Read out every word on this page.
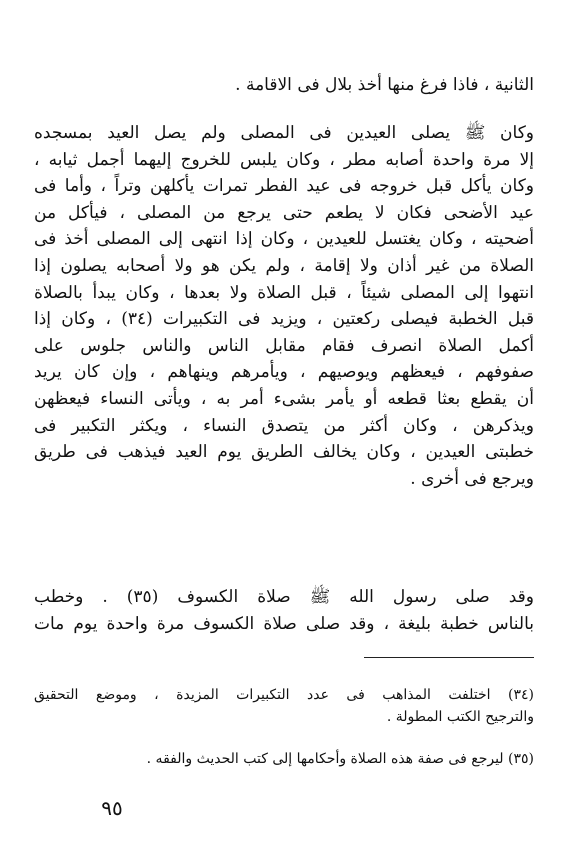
الثانية ، فاذا فرغ منها أخذ بلال فى الاقامة .
وكان ﷺ يصلى العيدين فى المصلى ولم يصل العيد بمسجده
إلا مرة واحدة أصابه مطر ، وكان يلبس للخروج إليهما أجمل ثيابه ،
وكان يأكل قبل خروجه فى عيد الفطر تمرات يأكلهن وتراً ، وأما فى
عيد الأضحى فكان لا يطعم حتى يرجع من المصلى ، فيأكل من
أضحيته ، وكان يغتسل للعيدين ، وكان إذا انتهى إلى المصلى أخذ فى
الصلاة من غير أذان ولا إقامة ، ولم يكن هو ولا أصحابه يصلون إذا
انتهوا إلى المصلى شيئاً ، قبل الصلاة ولا بعدها ، وكان يبدأ بالصلاة
قبل الخطبة فيصلى ركعتين ، ويزيد فى التكبيرات (٣٤) ، وكان إذا
أكمل الصلاة انصرف فقام مقابل الناس والناس جلوس على
صفوفهم ، فيعظهم ويوصيهم ، ويأمرهم وينهاهم ، وإن كان يريد
أن يقطع بعثا قطعه أو يأمر بشىء أمر به ، ويأتى النساء فيعظهن
ويذكرهن ، وكان أكثر من يتصدق النساء ، ويكثر التكبير فى
خطبتى العيدين ، وكان يخالف الطريق يوم العيد فيذهب فى طريق
ويرجع فى أخرى .
وقد صلى رسول الله ﷺ صلاة الكسوف (٣٥) . وخطب
بالناس خطبة بليغة ، وقد صلى صلاة الكسوف مرة واحدة يوم مات
(٣٤) اختلفت المذاهب فى عدد التكبيرات المزيدة ، وموضع التحقيق
والترجيح الكتب المطولة .
(٣٥) ليرجع فى صفة هذه الصلاة وأحكامها إلى كتب الحديث والفقه .
٩٥
